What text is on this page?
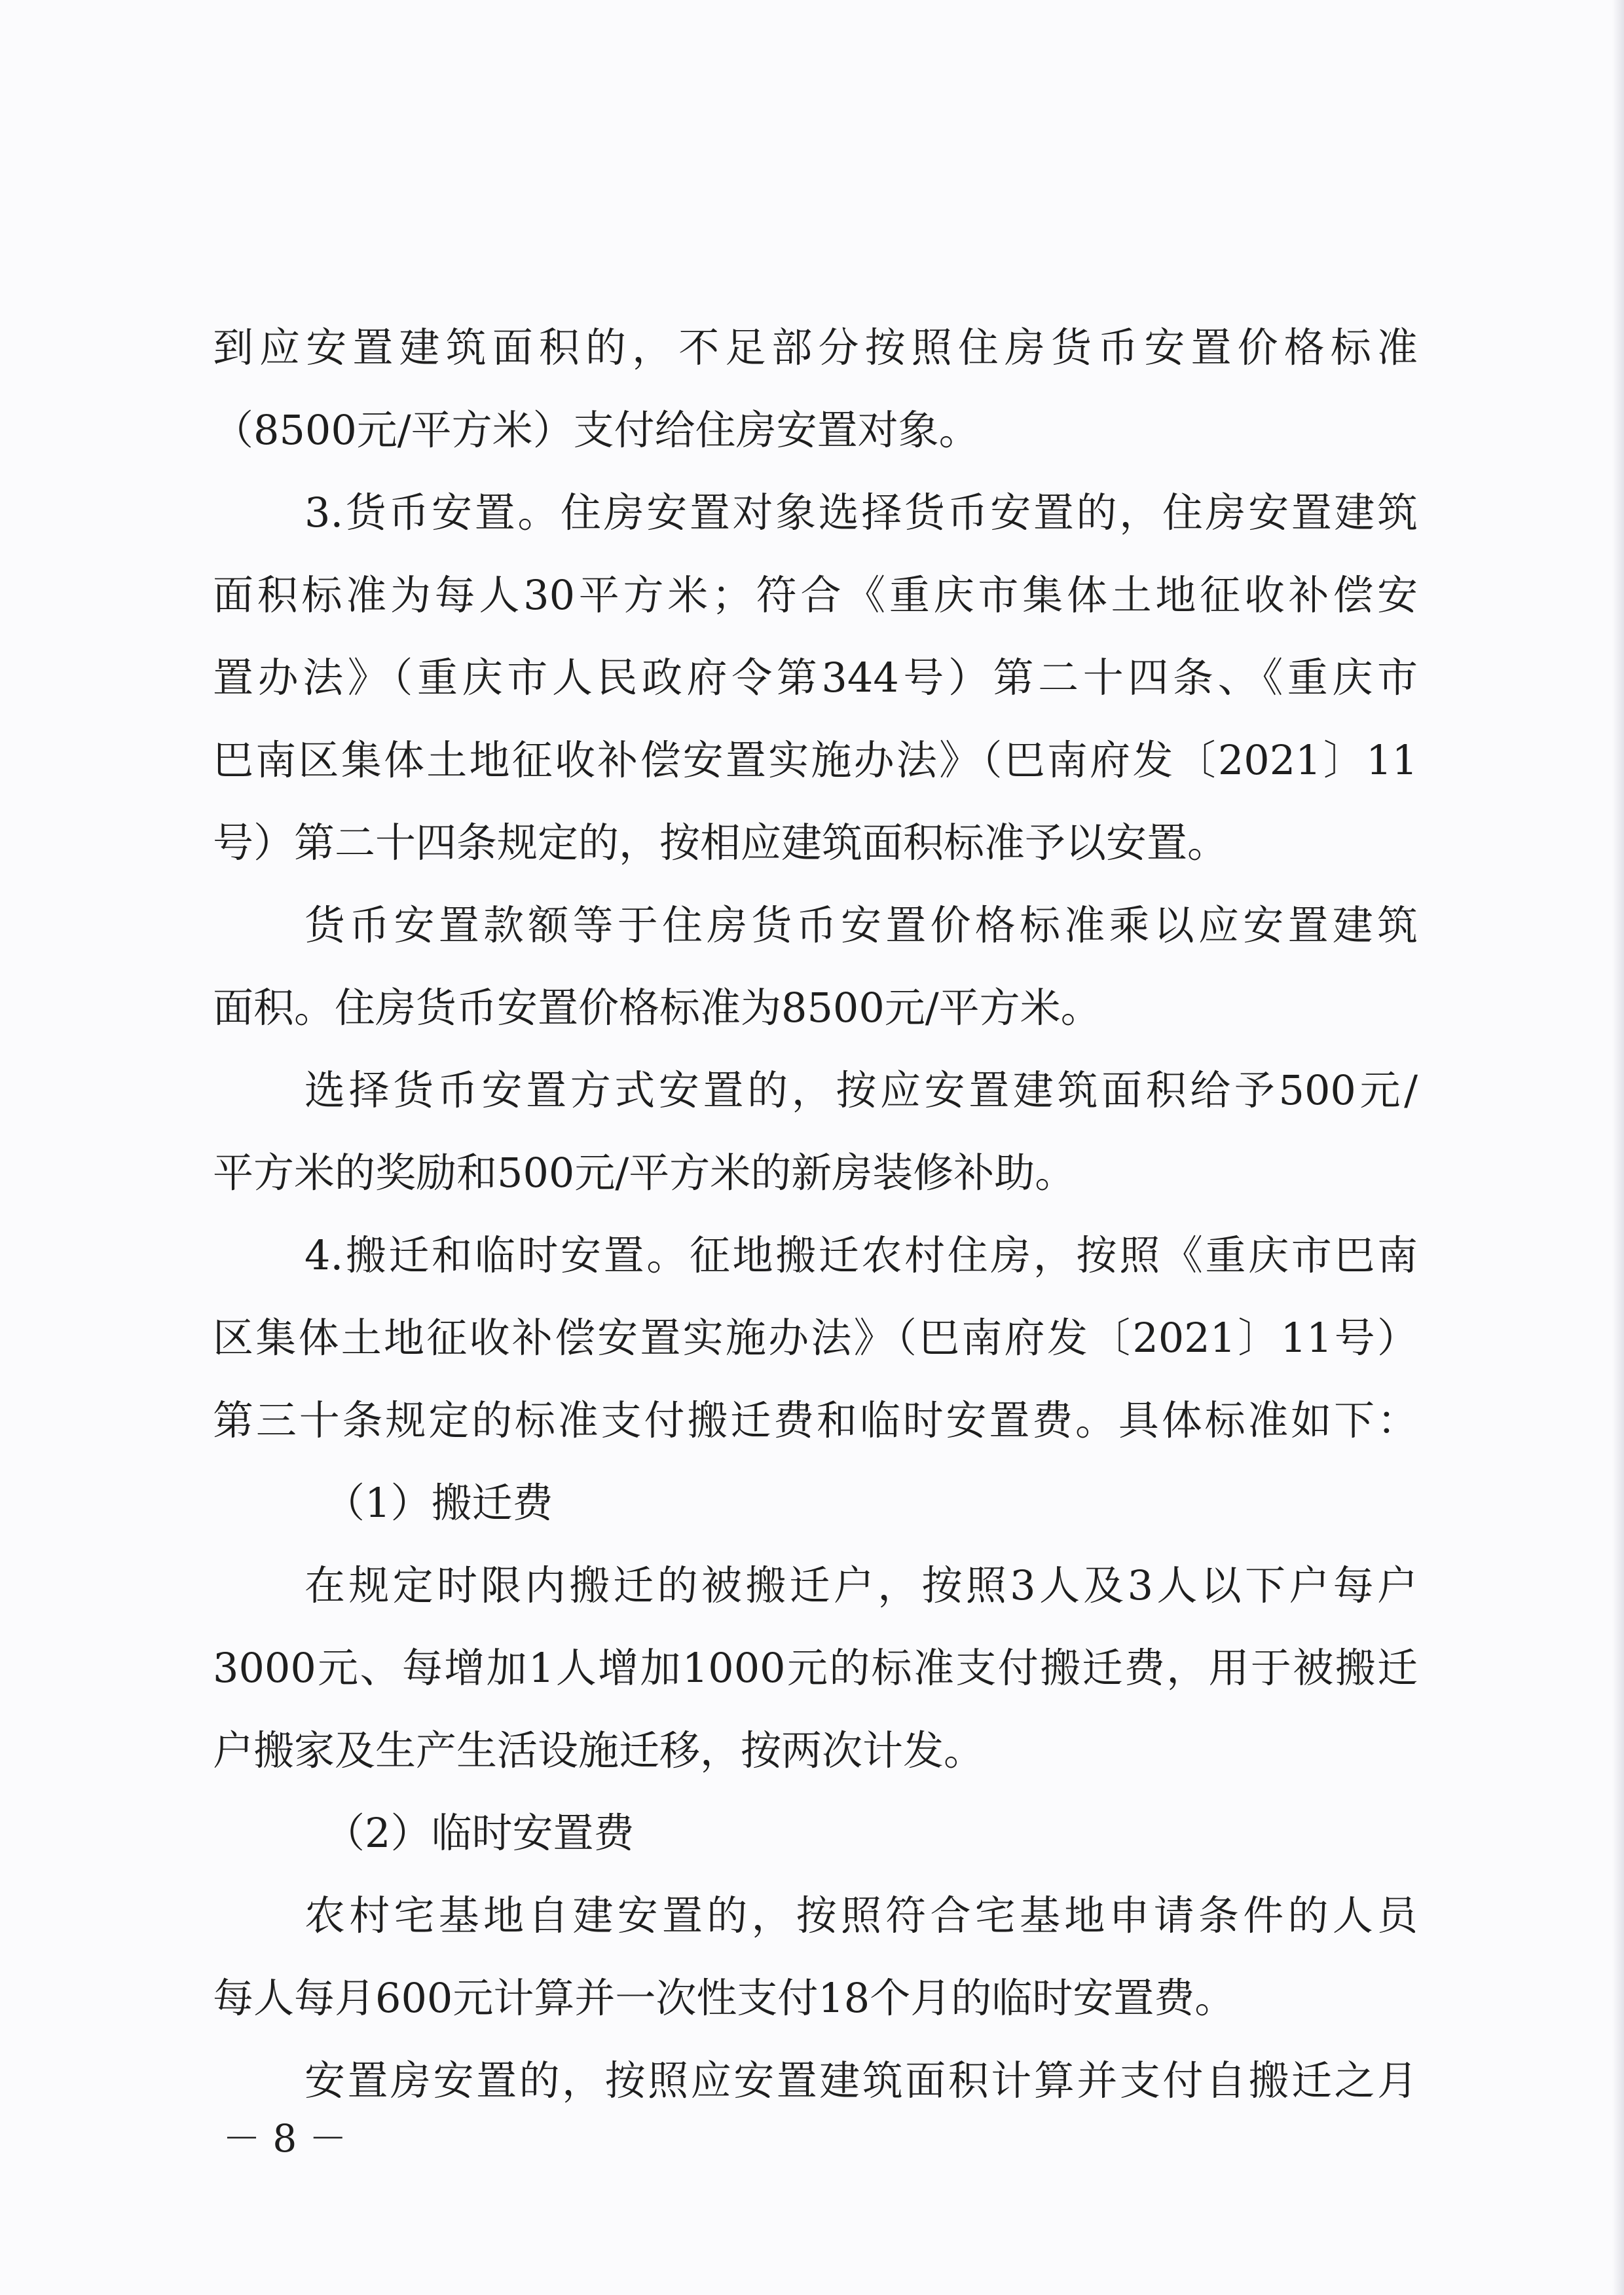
到应安置建筑面积的，不足部分按照住房货币安置价格标准
（8500元/平方米）支付给住房安置对象。
3.货币安置。住房安置对象选择货币安置的，住房安置建筑
面积标准为每人30平方米；符合《重庆市集体土地征收补偿安
置办法》（重庆市人民政府令第344号）第二十四条、《重庆市
巴南区集体土地征收补偿安置实施办法》（巴南府发〔2021〕11
号）第二十四条规定的，按相应建筑面积标准予以安置。
货币安置款额等于住房货币安置价格标准乘以应安置建筑
面积。住房货币安置价格标准为8500元/平方米。
选择货币安置方式安置的，按应安置建筑面积给予500元/
平方米的奖励和500元/平方米的新房装修补助。
4.搬迁和临时安置。征地搬迁农村住房，按照《重庆市巴南
区集体土地征收补偿安置实施办法》（巴南府发〔2021〕11号）
第三十条规定的标准支付搬迁费和临时安置费。具体标准如下：
（1）搬迁费
在规定时限内搬迁的被搬迁户，按照3人及3人以下户每户
3000元、每增加1人增加1000元的标准支付搬迁费，用于被搬迁
户搬家及生产生活设施迁移，按两次计发。
（2）临时安置费
农村宅基地自建安置的，按照符合宅基地申请条件的人员
每人每月600元计算并一次性支付18个月的临时安置费。
安置房安置的，按照应安置建筑面积计算并支付自搬迁之月
－ 8 －
